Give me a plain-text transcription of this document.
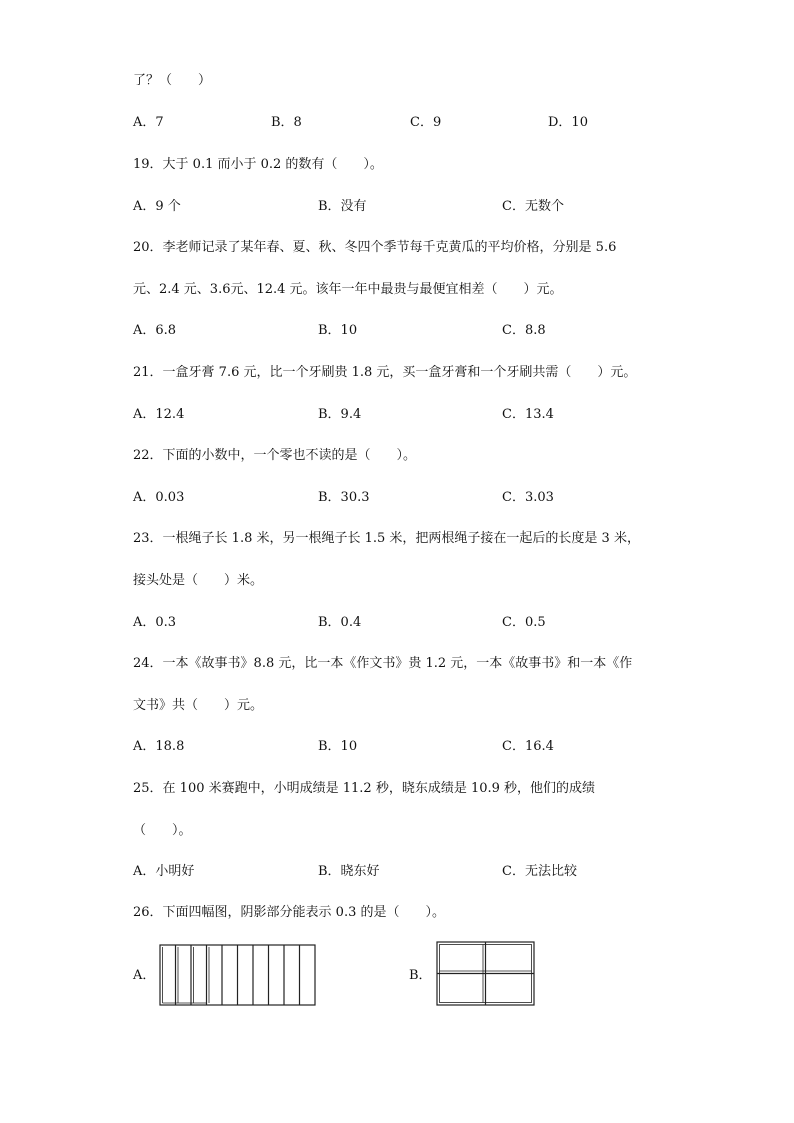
了？（　　）
A．7	B．8	C．9	D．10
19．大于 0.1 而小于 0.2 的数有（　　）。
A．9 个	B．没有	C．无数个
20．李老师记录了某年春、夏、秋、冬四个季节每千克黄瓜的平均价格，分别是 5.6
元、2.4 元、3.6元、12.4 元。该年一年中最贵与最便宜相差（　　）元。
A．6.8	B．10	C．8.8
21．一盒牙膏 7.6 元，比一个牙刷贵 1.8 元，买一盒牙膏和一个牙刷共需（　　）元。
A．12.4	B．9.4	C．13.4
22．下面的小数中，一个零也不读的是（　　）。
A．0.03	B．30.3	C．3.03
23．一根绳子长 1.8 米，另一根绳子长 1.5 米，把两根绳子接在一起后的长度是 3 米，
接头处是（　　）米。
A．0.3	B．0.4	C．0.5
24．一本《故事书》8.8 元，比一本《作文书》贵 1.2 元，一本《故事书》和一本《作
文书》共（　　）元。
A．18.8	B．10	C．16.4
25．在 100 米赛跑中，小明成绩是 11.2 秒，晓东成绩是 10.9 秒，他们的成绩
（　　）。
A．小明好	B．晓东好	C．无法比较
26．下面四幅图，阴影部分能表示 0.3 的是（　　）。
A．	B．
